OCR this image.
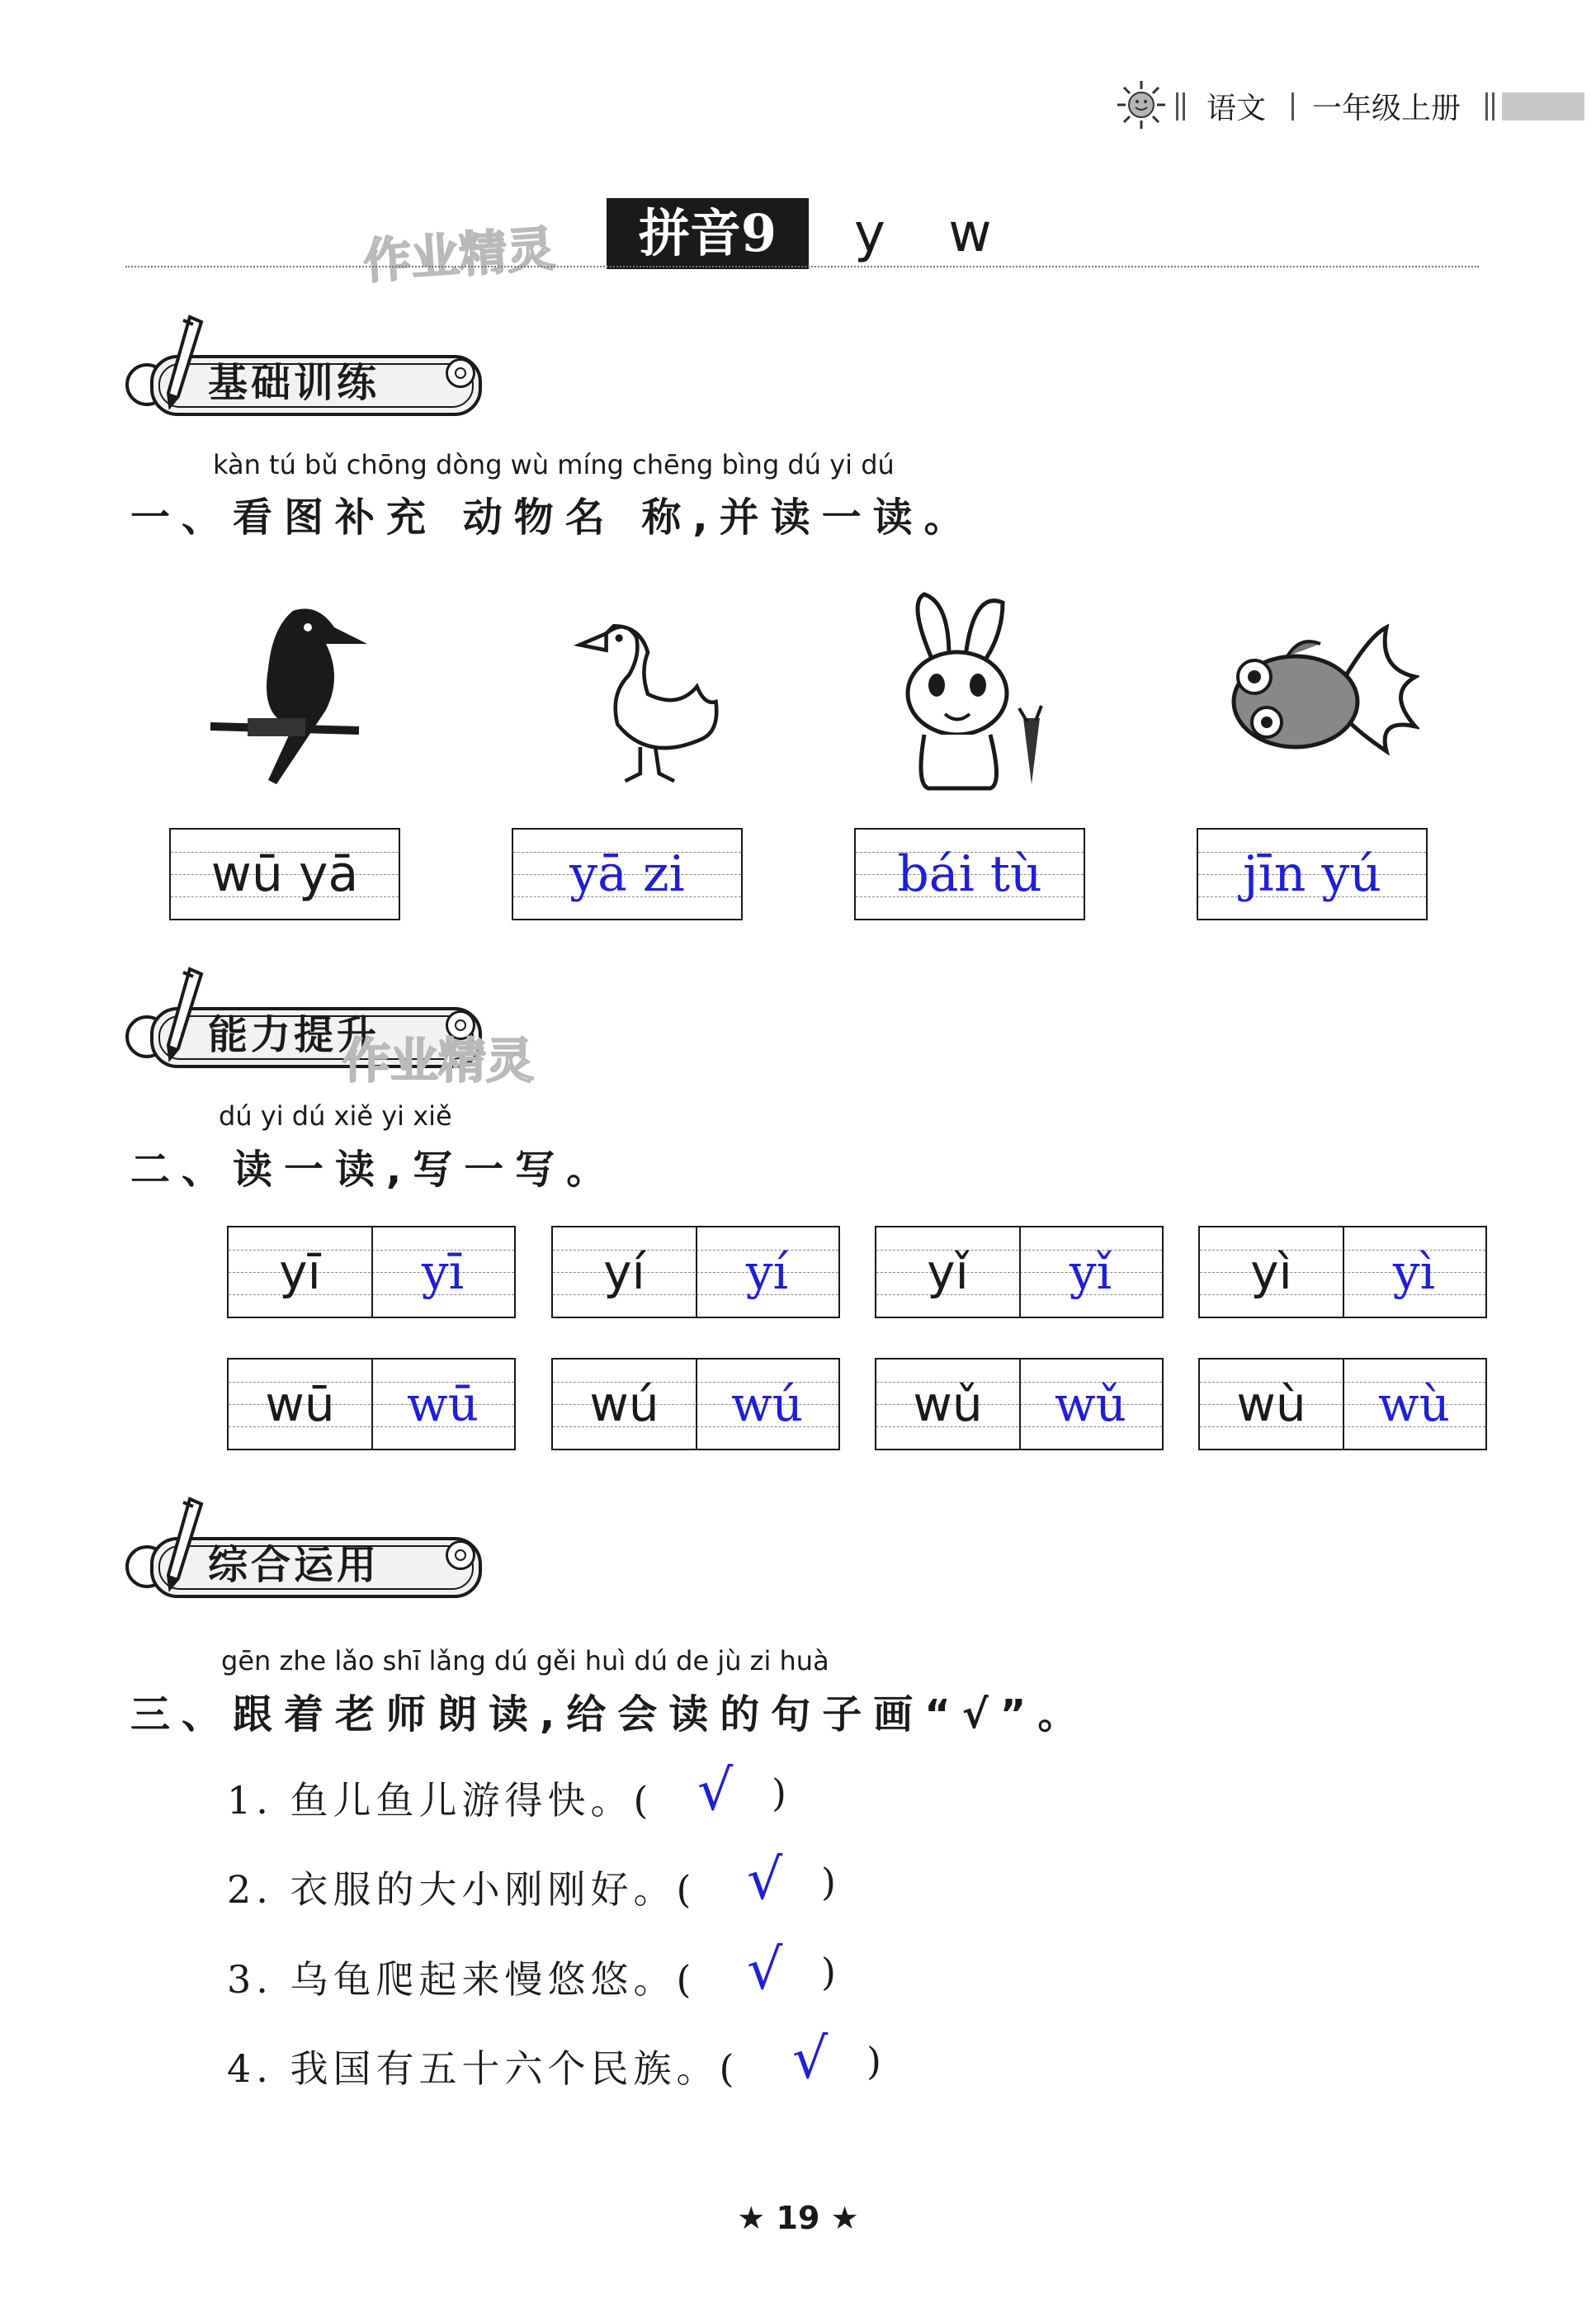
语文 一年级上册
作业精灵	拼音9	y w
基础训练
kàn tú bǔ chōng dòng wù míng chēng bìng dú yi dú
一、看图补充 动物名 称,并读一读。
wū yā	yā zi	bái tù	jīn yú
能力提升
作业精灵
dú yi dú xiě yi xiě
二、读一读,写一写。
yī	yī	yí	yí	yǐ	yǐ	yì	yì
wū	wū	wú	wú	wǔ	wǔ	wù	wù
综合运用
gēn zhe lǎo shī lǎng dú gěi huì dú de jù zi huà
三、跟着老师朗读,给会读的句子画“√”。
1. 鱼儿鱼儿游得快。( √ )
2. 衣服的大小刚刚好。( √ )
3. 乌龟爬起来慢悠悠。( √ )
4. 我国有五十六个民族。( √ )
★ 19 ★
